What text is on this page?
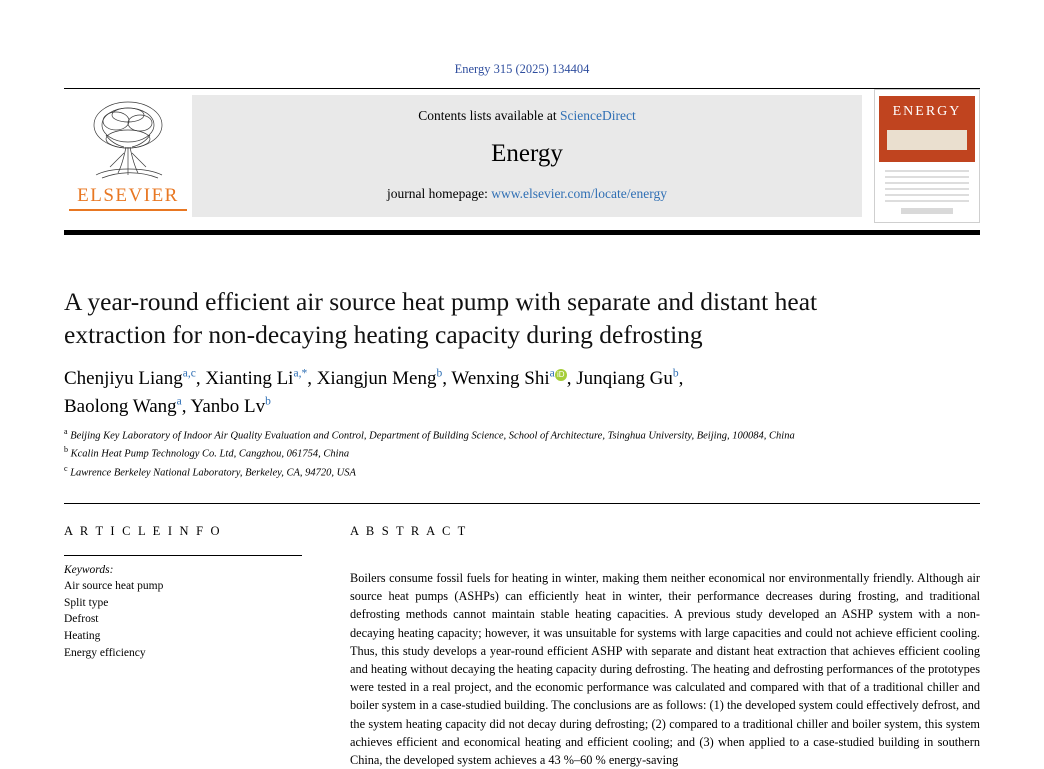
Energy 315 (2025) 134404
ELSEVIER
Contents lists available at ScienceDirect
Energy
journal homepage: www.elsevier.com/locate/energy
ENERGY
A year-round efficient air source heat pump with separate and distant heat extraction for non-decaying heating capacity during defrosting
Chenjiyu Liang$^{a,c}$, Xianting $Li^{a,*}$, Xiangjun Meng$^b$, Wenxing Shi$^a$ iD , Junqiang Gu$^b$,
Baolong Wang$^a$, Yanbo Lv$^b$
$^a$ Beijing Key Laboratory of Indoor Air Quality Evaluation and Control, Department of Building Science, School of Architecture, Tsinghua University, Beijing, 100084, China
$^b$ Kcalin Heat Pump Technology Co. Ltd, Cangzhou, 061754, China
$^c$ Lawrence Berkeley National Laboratory, Berkeley, CA, 94720, USA
A R T I C L E I N F O
Keywords:
Air source heat pump
Split type
Defrost
Heating
Energy efficiency
A B S T R A C T
Boilers consume fossil fuels for heating in winter, making them neither economical nor environmentally friendly. Although air source heat pumps (ASHPs) can efficiently heat in winter, their performance decreases during frosting, and traditional defrosting methods cannot maintain stable heating capacities. A previous study developed an ASHP system with a non-decaying heating capacity; however, it was unsuitable for systems with large capacities and could not achieve efficient cooling. Thus, this study develops a year-round efficient ASHP with separate and distant heat extraction that achieves efficient cooling and heating without decaying the heating capacity during defrosting. The heating and defrosting performances of the prototypes were tested in a real project, and the economic performance was calculated and compared with that of a traditional chiller and boiler system in a case-studied building. The conclusions are as follows: (1) the developed system could effectively defrost, and the system heating capacity did not decay during defrosting; (2) compared to a traditional chiller and boiler system, this system achieves efficient and economical heating and efficient cooling; and (3) when applied to a case-studied building in southern China, the developed system achieves a 43 %–60 % energy-saving
